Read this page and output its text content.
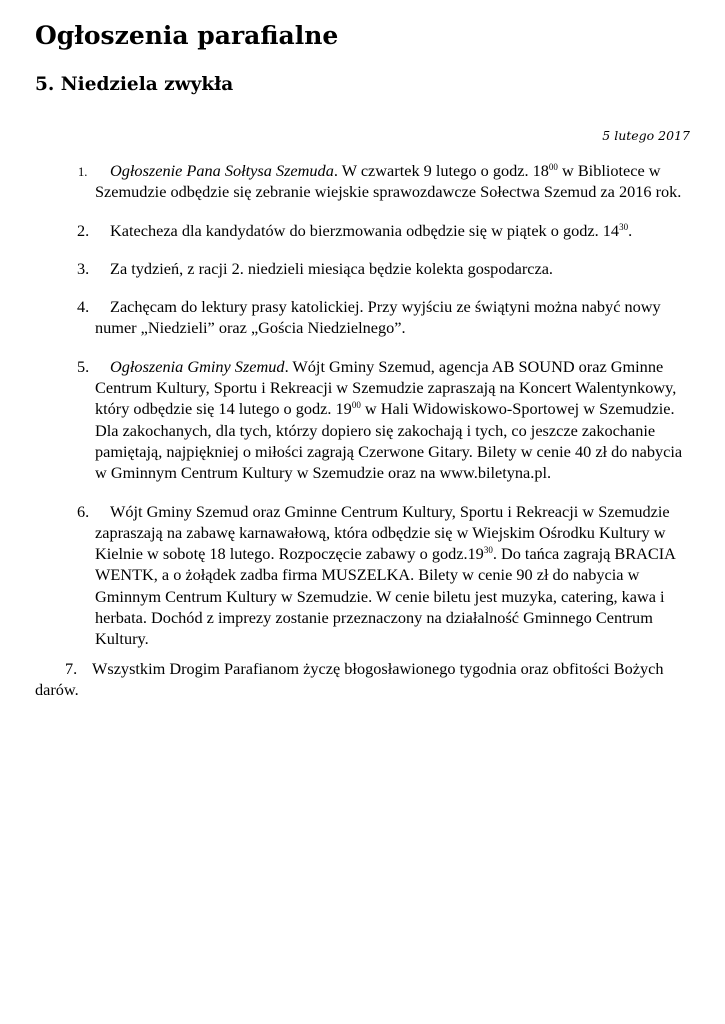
Ogłoszenia parafialne
5. Niedziela zwykła
5 lutego 2017
1. Ogłoszenie Pana Sołtysa Szemuda. W czwartek 9 lutego o godz. $18^{00}$ w Bibliotece w Szemudzie odbędzie się zebranie wiejskie sprawozdawcze Sołectwa Szemud za 2016 rok.
2. Katecheza dla kandydatów do bierzmowania odbędzie się w piątek o godz. $14^{30}$.
3. Za tydzień, z racji 2. niedzieli miesiąca będzie kolekta gospodarcza.
4. Zachęcam do lektury prasy katolickiej. Przy wyjściu ze świątyni można nabyć nowy numer „Niedzieli” oraz „Gościa Niedzielnego”.
5. Ogłoszenia Gminy Szemud. Wójt Gminy Szemud, agencja AB SOUND oraz Gminne Centrum Kultury, Sportu i Rekreacji w Szemudzie zapraszają na Koncert Walentynkowy, który odbędzie się 14 lutego o godz. $19^{00}$ w Hali Widowiskowo-Sportowej w Szemudzie. Dla zakochanych, dla tych, którzy dopiero się zakochają i tych, co jeszcze zakochanie pamiętają, najpiękniej o miłości zagrają Czerwone Gitary. Bilety w cenie 40 zł do nabycia w Gminnym Centrum Kultury w Szemudzie oraz na www.biletyna.pl.
6. Wójt Gminy Szemud oraz Gminne Centrum Kultury, Sportu i Rekreacji w Szemudzie zapraszają na zabawę karnawałową, która odbędzie się w Wiejskim Ośrodku Kultury w Kielnie w sobotę 18 lutego. Rozpoczęcie zabawy o $godz.19^{30}$. Do tańca zagrają BRACIA WENTK, a o żołądek zadba firma MUSZELKA. Bilety w cenie 90 zł do nabycia w Gminnym Centrum Kultury w Szemudzie. W cenie biletu jest muzyka, catering, kawa i herbata. Dochód z imprezy zostanie przeznaczony na działalność Gminnego Centrum Kultury.
7. Wszystkim Drogim Parafianom życzę błogosławionego tygodnia oraz obfitości Bożych darów.
